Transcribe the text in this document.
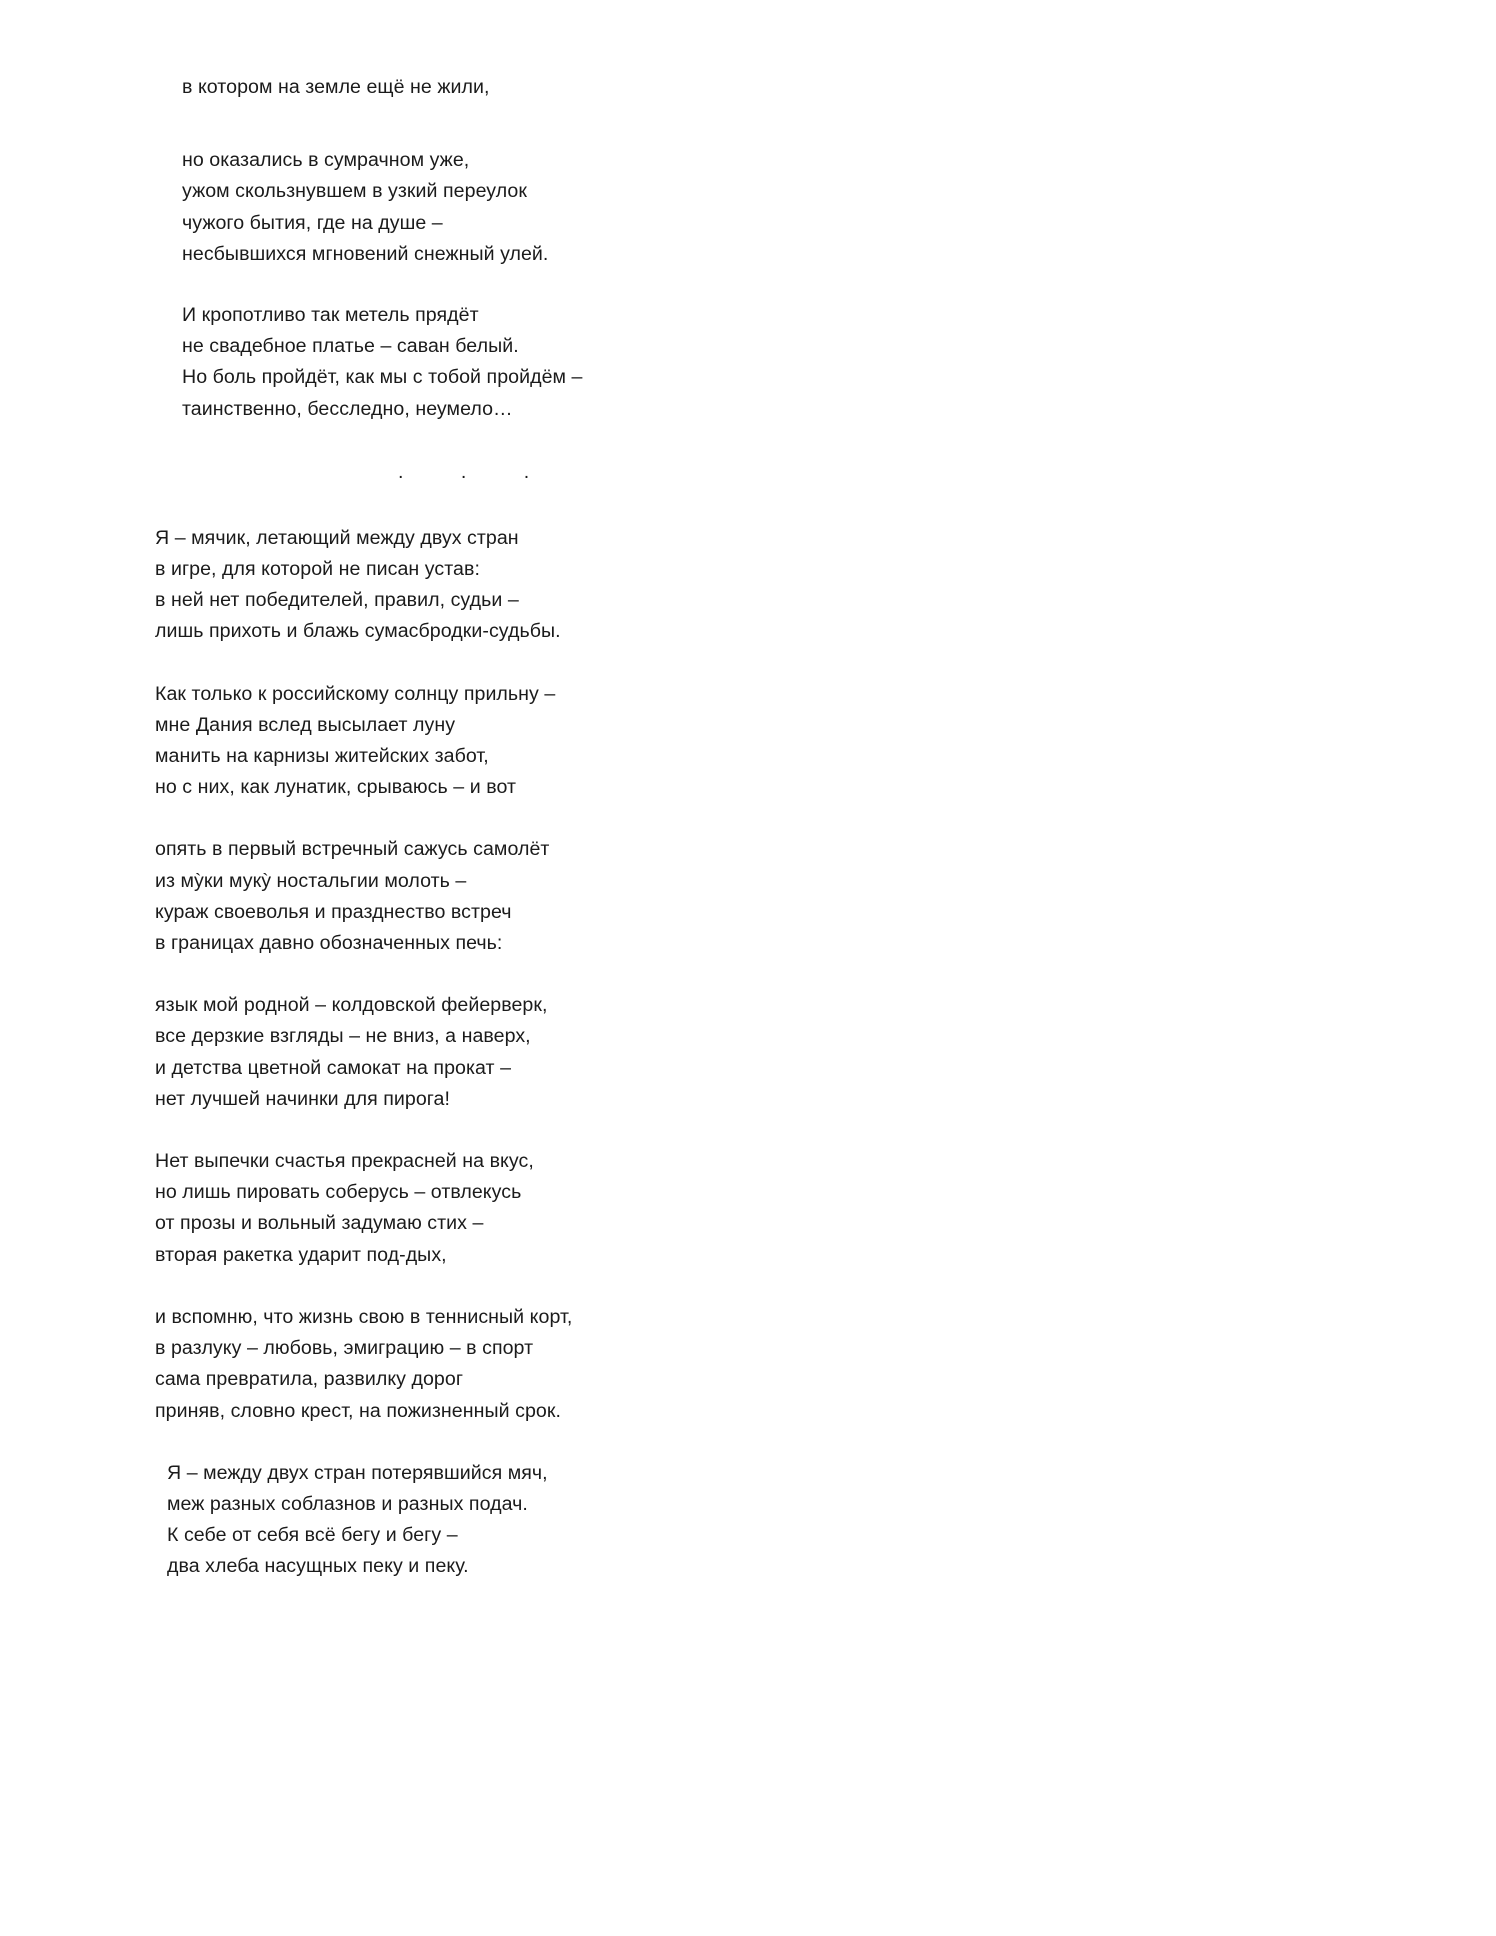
в котором на земле ещё не жили,
но оказались в сумрачном уже,
ужом скользнувшем в узкий переулок
чужого бытия, где на душе –
несбывшихся мгновений снежный улей.
И кропотливо так метель прядёт
не свадебное платье – саван белый.
Но боль пройдёт, как мы с тобой пройдём –
таинственно, бесследно, неумело…
. . .
Я – мячик, летающий между двух стран
в игре, для которой не писан устав:
в ней нет победителей, правил, судьи –
лишь прихоть и блажь сумасбродки-судьбы.
Как только к российскому солнцу прильну –
мне Дания вслед высылает луну
манить на карнизы житейских забот,
но с них, как лунатик, срываюсь – и вот
опять в первый встречный сажусь самолёт
из мỳки мукỳ ностальгии молоть –
кураж своеволья и празднество встреч
в границах давно обозначенных печь:
язык мой родной – колдовской фейерверк,
все дерзкие взгляды – не вниз, а наверх,
и детства цветной самокат на прокат –
нет лучшей начинки для пирога!
Нет выпечки счастья прекрасней на вкус,
но лишь пировать соберусь – отвлекусь
от прозы и вольный задумаю стих –
вторая ракетка ударит под-дых,
и вспомню, что жизнь свою в теннисный корт,
в разлуку – любовь, эмиграцию – в спорт
сама превратила, развилку дорог
приняв, словно крест, на пожизненный срок.
Я – между двух стран потерявшийся мяч,
меж разных соблазнов и разных подач.
К себе от себя всё бегу и бегу –
два хлеба насущных пеку и пеку.
